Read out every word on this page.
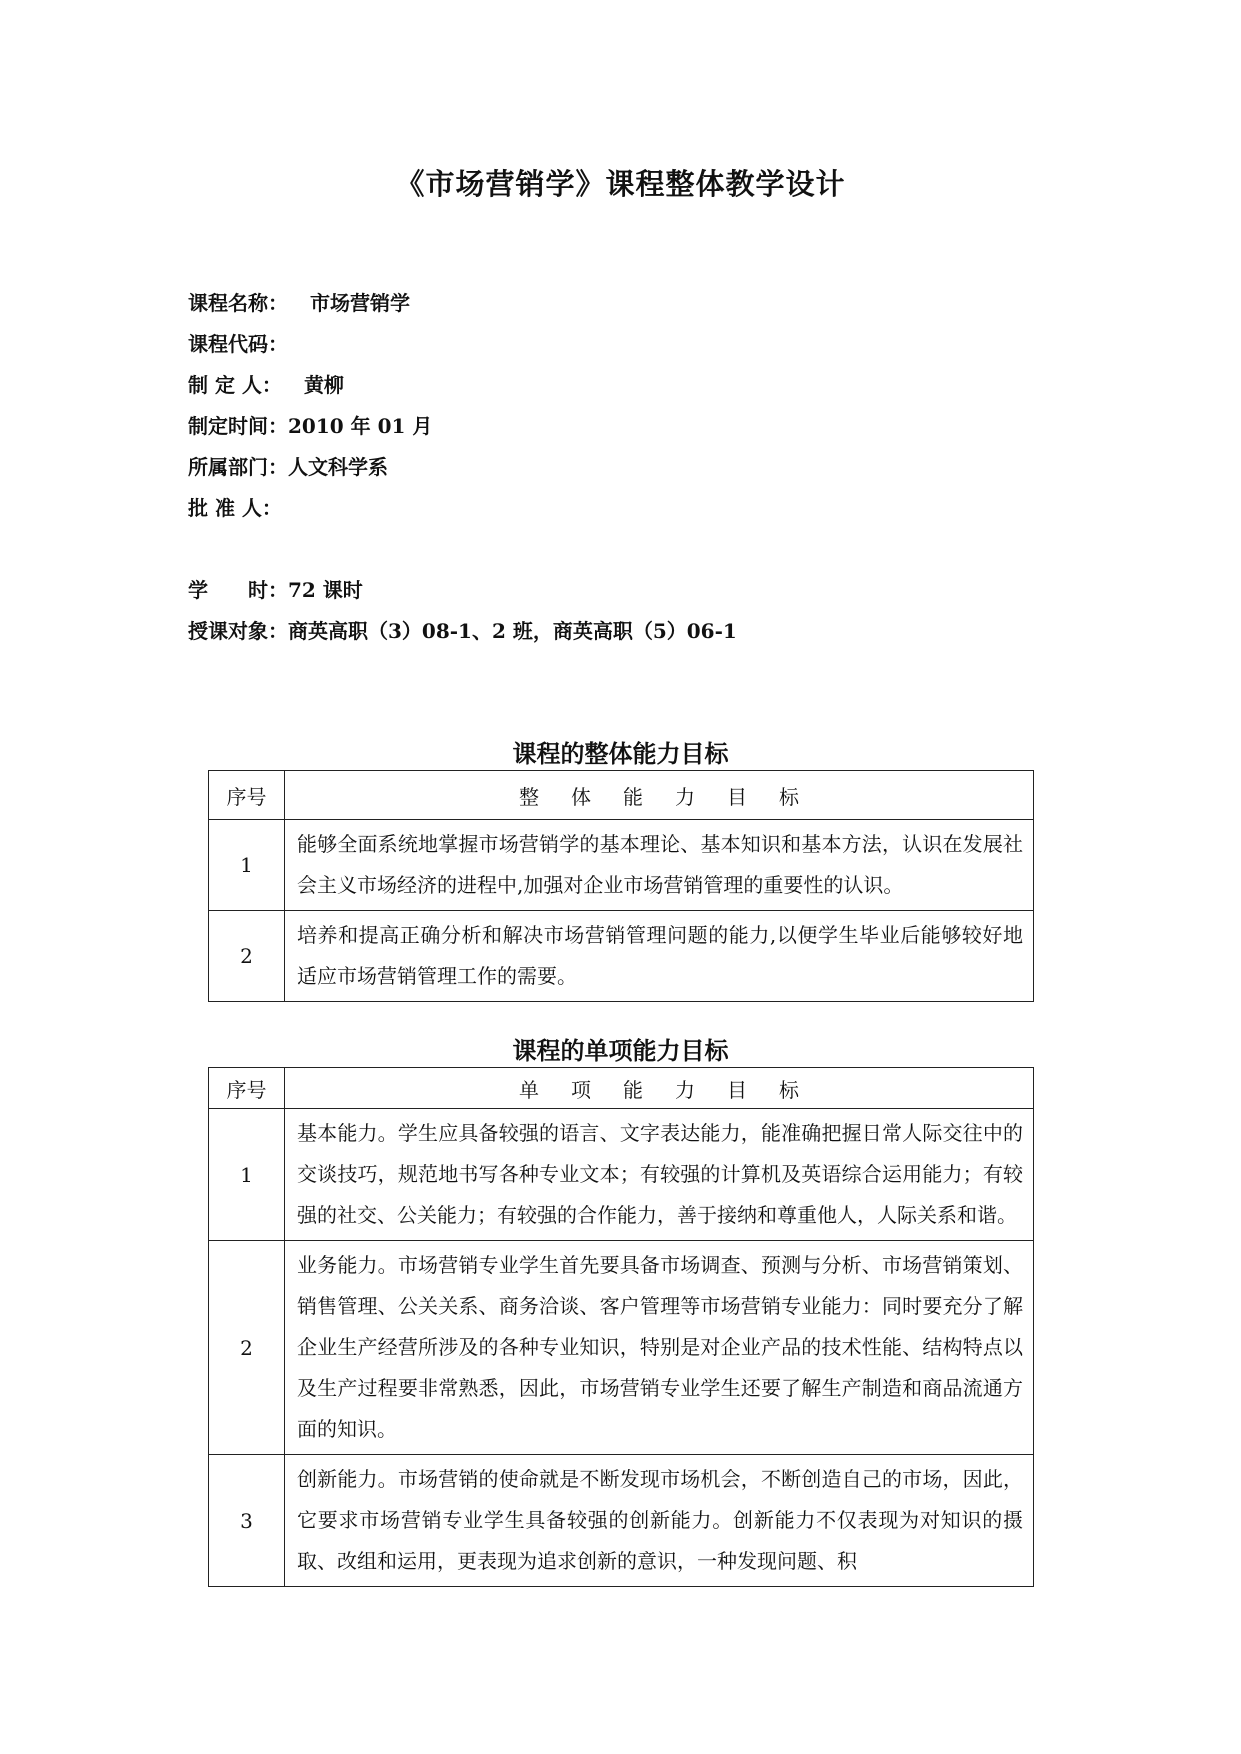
《市场营销学》课程整体教学设计
课程名称： 市场营销学
课程代码：
制 定 人： 黄柳
制定时间：2010 年 01 月
所属部门：人文科学系
批 准 人：
学　　时：72 课时
授课对象：商英高职（3）08-1、2 班，商英高职（5）06-1
课程的整体能力目标
序号	整体能力目标
1	能够全面系统地掌握市场营销学的基本理论、基本知识和基本方法，认识在发展社会主义市场经济的进程中,加强对企业市场营销管理的重要性的认识。
2	培养和提高正确分析和解决市场营销管理问题的能力,以便学生毕业后能够较好地适应市场营销管理工作的需要。
课程的单项能力目标
序号	单项能力目标
1	基本能力。学生应具备较强的语言、文字表达能力，能准确把握日常人际交往中的交谈技巧，规范地书写各种专业文本；有较强的计算机及英语综合运用能力；有较强的社交、公关能力；有较强的合作能力，善于接纳和尊重他人，人际关系和谐。
2	业务能力。市场营销专业学生首先要具备市场调查、预测与分析、市场营销策划、销售管理、公关关系、商务洽谈、客户管理等市场营销专业能力：同时要充分了解企业生产经营所涉及的各种专业知识，特别是对企业产品的技术性能、结构特点以及生产过程要非常熟悉，因此，市场营销专业学生还要了解生产制造和商品流通方面的知识。
3	创新能力。市场营销的使命就是不断发现市场机会，不断创造自己的市场，因此，它要求市场营销专业学生具备较强的创新能力。创新能力不仅表现为对知识的摄取、改组和运用，更表现为追求创新的意识，一种发现问题、积
